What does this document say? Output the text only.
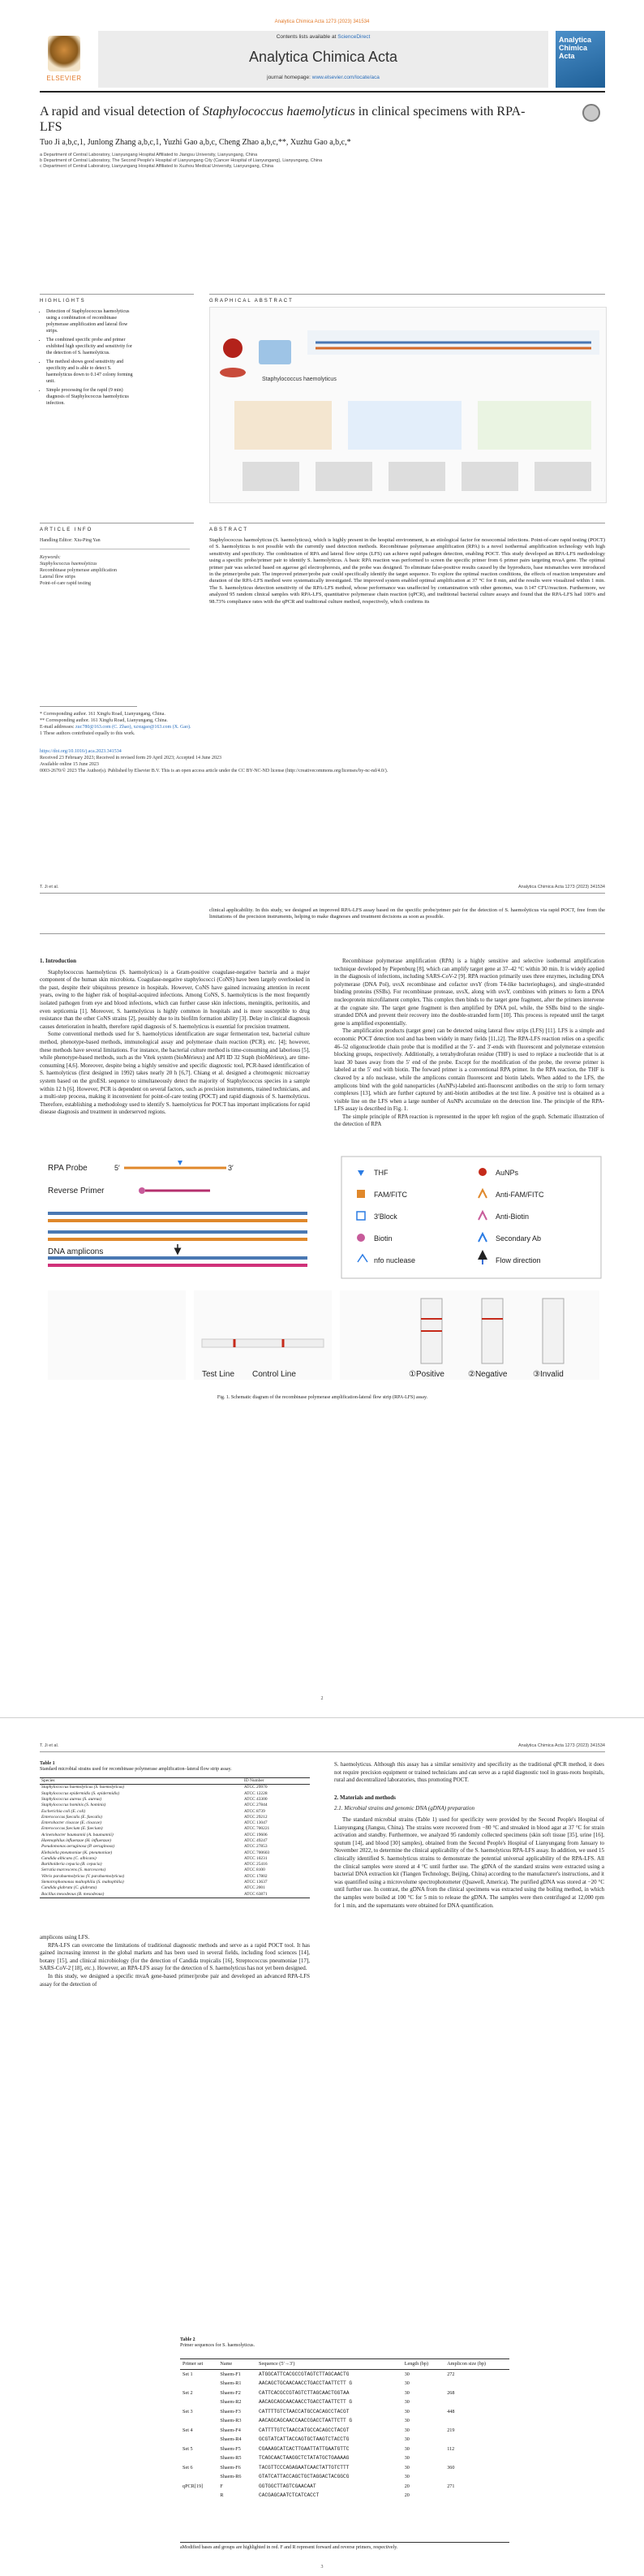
Analytica Chimica Acta 1273 (2023) 341534
ELSEVIER
Contents lists available at ScienceDirect
Analytica Chimica Acta
journal homepage: www.elsevier.com/locate/aca
Analytica Chimica Acta
A rapid and visual detection of Staphylococcus haemolyticus in clinical specimens with RPA-LFS
Tuo Ji a,b,c,1, Junlong Zhang a,b,c,1, Yuzhi Gao a,b,c, Cheng Zhao a,b,c,**, Xuzhu Gao a,b,c,*
a Department of Central Laboratory, Lianyungang Hospital Affiliated to Jiangsu University, Lianyungang, China
b Department of Central Laboratory, The Second People's Hospital of Lianyungang City (Cancer Hospital of Lianyungang), Lianyungang, China
c Department of Central Laboratory, Lianyungang Hospital Affiliated to Xuzhou Medical University, Lianyungang, China
HIGHLIGHTS
• Detection of Staphylococcus haemolyticus using a combination of recombinase polymerase amplification and lateral flow strips.
• The combined specific probe and primer exhibited high specificity and sensitivity for the detection of S. haemolyticus.
• The method shows good sensitivity and specificity and is able to detect S. haemolyticus down to 0.147 colony forming unit.
• Simple processing for the rapid (9 min) diagnosis of Staphylococcus haemolyticus infection.
GRAPHICAL ABSTRACT
Staphylococcus haemolyticus
ARTICLE INFO
Handling Editor: Xiu-Ping Yan
Keywords:
Staphylococcus haemolyticus
Recombinase polymerase amplification
Lateral flow strips
Point-of-care rapid testing
ABSTRACT
Staphylococcus haemolyticus (S. haemolyticus), which is highly present in the hospital environment, is an etiological factor for nosocomial infections. Point-of-care rapid testing (POCT) of S. haemolyticus is not possible with the currently used detection methods. Recombinase polymerase amplification (RPA) is a novel isothermal amplification technology with high sensitivity and specificity. The combination of RPA and lateral flow strips (LFS) can achieve rapid pathogen detection, enabling POCT. This study developed an RPA-LFS methodology using a specific probe/primer pair to identify S. haemolyticus. A basic RPA reaction was performed to screen the specific primer from 6 primer pairs targeting mvaA gene. The optimal primer pair was selected based on agarose gel electrophoresis, and the probe was designed. To eliminate false-positive results caused by the byproducts, base mismatches were introduced in the primer/probe pair. The improved primer/probe pair could specifically identify the target sequence. To explore the optimal reaction conditions, the effects of reaction temperature and duration of the RPA-LFS method were systematically investigated. The improved system enabled optimal amplification at 37 °C for 8 min, and the results were visualized within 1 min. The S. haemolyticus detection sensitivity of the RPA-LFS method, whose performance was unaffected by contamination with other genomes, was 0.147 CFU/reaction. Furthermore, we analyzed 95 random clinical samples with RPA-LFS, quantitative polymerase chain reaction (qPCR), and traditional bacterial culture assays and found that the RPA-LFS had 100% and 98.73% compliance rates with the qPCR and traditional culture method, respectively, which confirms its
* Corresponding author. 161 Xingfu Road, Lianyungang, China.
** Corresponding author. 161 Xingfu Road, Lianyungang, China.
E-mail addresses: zuc780@163.com (C. Zhao), xzxugao@163.com (X. Gao).
1 These authors contributed equally to this work.
https://doi.org/10.1016/j.aca.2023.341534
Received 23 February 2023; Received in revised form 29 April 2023; Accepted 14 June 2023
Available online 15 June 2023
0003-2670/© 2023 The Author(s). Published by Elsevier B.V. This is an open access article under the CC BY-NC-ND license (http://creativecommons.org/licenses/by-nc-nd/4.0/).
T. Ji et al.	Analytica Chimica Acta 1273 (2023) 341534
clinical applicability. In this study, we designed an improved RPA-LFS assay based on the specific probe/primer pair for the detection of S. haemolyticus via rapid POCT, free from the limitations of the precision instruments, helping to make diagnoses and treatment decisions as soon as possible.

1. Introduction

Staphylococcus haemolyticus (S. haemolyticus) is a Gram-positive coagulase-negative bacteria and a major component of the human skin microbiota. Coagulase-negative staphylococci (CoNS) have been largely overlooked in the past, despite their ubiquitous presence in hospitals. However, CoNS have gained increasing attention in recent years, owing to the higher risk of hospital-acquired infections. Among CoNS, S. haemolyticus is the most frequently isolated pathogen from eye and blood infections, which can further cause skin infections, meningitis, peritonitis, and even septicemia [1]. Moreover, S. haemolyticus is highly common in hospitals and is more susceptible to drug resistance than the other CoNS strains [2], possibly due to its biofilm formation ability [3]. Delay in clinical diagnosis causes deterioration in health, therefore rapid diagnosis of S. haemolyticus is essential for precision treatment.

Some conventional methods used for S. haemolyticus identification are sugar fermentation test, bacterial culture method, phenotype-based methods, immunological assay and polymerase chain reaction (PCR), etc. [4]; however, these methods have several limitations. For instance, the bacterial culture method is time-consuming and laborious [5], while phenotype-based methods, such as the Vitek system (bioMérieux) and API ID 32 Staph (bioMérieux), are time-consuming [4,6]. Moreover, despite being a highly sensitive and specific diagnostic tool, PCR-based identification of S. haemolyticus (first designed in 1992) takes nearly 20 h [6,7]. Chiang et al. designed a chromogenic microarray system based on the groESL sequence to simultaneously detect the majority of Staphylococcus species in a sample within 12 h [6]. However, PCR is dependent on several factors, such as precision instruments, trained technicians, and a multi-step process, making it inconvenient for point-of-care testing (POCT) and rapid diagnosis of S. haemolyticus. Therefore, establishing a methodology used to identify S. haemolyticus for POCT has important implications for rapid disease diagnosis and treatment in underserved regions.

Recombinase polymerase amplification (RPA) is a highly sensitive and selective isothermal amplification technique developed by Piepenburg [8], which can amplify target gene at 37–42 °C within 30 min. It is widely applied in the diagnosis of infections, including SARS-CoV-2 [9]. RPA reaction primarily uses three enzymes, including DNA polymerase (DNA Pol), uvsX recombinase and cofactor uvsY (from T4-like bacteriophages), and single-stranded binding proteins (SSBs). For recombinase protease, uvsX, along with uvsY, combines with primers to form a DNA nucleoprotein microfilament complex. This complex then binds to the target gene fragment, after the primers intervene at the cognate site. The target gene fragment is then amplified by DNA pol, while, the SSBs bind to the single-stranded DNA and prevent their recovery into the double-stranded form [10]. This process is repeated until the target gene is amplified exponentially.

The amplification products (target gene) can be detected using lateral flow strips (LFS) [11]. LFS is a simple and economic POCT detection tool and has been widely in many fields [11,12]. The RPA-LFS reaction relies on a specific 46–52 oligonucleotide chain probe that is modified at the 5′- and 3′-ends with fluorescent and polymerase extension blocking groups, respectively. Additionally, a tetrahydrofuran residue (THF) is used to replace a nucleotide that is at least 30 bases away from the 5′ end of the probe. Except for the modification of the probe, the reverse primer is labeled at the 5′ end with biotin. The forward primer is a conventional RPA primer. In the RPA reaction, the THF is cleaved by a nfo nuclease, while the amplicons contain fluorescent and biotin labels. When added to the LFS, the amplicons bind with the gold nanoparticles (AuNPs)-labeled anti-fluorescent antibodies on the strip to form ternary complexes [13], which are further captured by anti-biotin antibodies at the test line. A positive test is obtained as a visible line on the LFS when a large number of AuNPs accumulate on the detection line. The principle of the RPA-LFS assay is described in Fig. 1.

The simple principle of RPA reaction is represented in the upper left region of the graph. Schematic illustration of the detection of RPA

RPA Probe	5′	3′
Reverse Primer
DNA amplicons
THF	AuNPs
FAM/FITC	Anti-FAM/FITC
3′Block	Anti-Biotin
Biotin	Secondary Ab
nfo nuclease	Flow direction
Test Line Control Line	①Positive	②Negative	③Invalid
Fig. 1. Schematic diagram of the recombinase polymerase amplification-lateral flow strip (RPA-LFS) assay.
2
T. Ji et al.	Analytica Chimica Acta 1273 (2023) 341534
Table 1
Standard microbial strains used for recombinase polymerase amplification–lateral flow strip assay.
Species	ID Number
Staphylococcus haemolyticus (S. haemolyticus)	ATCC 29970
Staphylococcus epidermidis (S. epidermidis)	ATCC 12228
Staphylococcus aureus (S. aureus)	ATCC 43300
Staphylococcus hominis (S. hominis)	ATCC 27844
Escherichia coli (E. coli)	ATCC 8739
Enterococcus faecalis (E. faecalis)	ATCC 29212
Enterobacter cloacae (E. cloacae)	ATCC 13047
Enterococcus faecium (E. faecium)	ATCC 700221
Acinetobacter baumannii (A. baumannii)	ATCC 19606
Haemophilus influenzae (H. influenzae)	ATCC 49247
Pseudomonas aeruginosa (P. aeruginosa)	ATCC 27853
Klebsiella pneumoniae (K. pneumoniae)	ATCC 700603
Candida albicans (C. albicans)	ATCC 10231
Burkholderia cepacia (B. cepacia)	ATCC 25416
Serratia marcescens (S. marcescens)	ATCC 8100
Vibrio parahaemolyticus (V. parahaemolyticus)	ATCC 17802
Stenotrophomonas maltophilia (S. maltophilia)	ATCC 13637
Candida glabrata (C. glabrata)	ATCC 2001
Bacillus mesodeous (B. mesodeous)	ATCC 63871

amplicons using LFS.

RPA-LFS can overcome the limitations of traditional diagnostic methods and serve as a rapid POCT tool. It has gained increasing interest in the global markets and has been used in several fields, including food sciences [14], botany [15], and clinical microbiology (for the detection of Candida tropicalis [16], Streptococcus pneumoniae [17], SARS-CoV-2 [18], etc.). However, an RPA-LFS assay for the detection of S. haemolyticus has not yet been designed.

In this study, we designed a specific mvaA gene-based primer/probe pair and developed an advanced RPA-LFS assay for the detection of

S. haemolyticus. Although this assay has a similar sensitivity and specificity as the traditional qPCR method, it does not require precision equipment or trained technicians and can serve as a rapid diagnostic tool in grass-roots hospitals, rural and decentralized laboratories, thus promoting POCT.

2. Materials and methods

2.1. Microbial strains and genomic DNA (gDNA) preparation

The standard microbial strains (Table 1) used for specificity were provided by the Second People's Hospital of Lianyungang (Jiangsu, China). The strains were recovered from −80 °C and streaked in blood agar at 37 °C for strain activation and standby. Furthermore, we analyzed 95 randomly collected specimens (skin soft tissue [35], urine [16], sputum [14], and blood [30] samples), obtained from the Second People's Hospital of Lianyungang from January to November 2022, to determine the clinical applicability of the S. haemolyticus RPA-LFS assay. In addition, we used 15 clinically identified S. haemolyticus strains to demonstrate the potential universal applicability of the RPA-LFS. All the clinical samples were stored at 4 °C until further use. The gDNA of the standard strains were extracted using a bacterial DNA extraction kit (Tiangen Technology, Beijing, China) according to the manufacturer's instructions, and it was quantified using a microvolume spectrophotometer (Quawell, America). The purified gDNA was stored at −20 °C until further use. In contrast, the gDNA from the clinical specimens was extracted using the boiling method, in which the samples were boiled at 100 °C for 5 min to release the gDNA. The samples were then centrifuged at 12,000 rpm for 1 min, and the supernatants were obtained for DNA quantification.

Table 2
Primer sequences for S. haemolyticus.
Primer set	Name	Sequence (5′→3′)	Length (bp)	Amplicon size (bp)
Set 1	Shaem-F1	ATGGCATTCACGCCGTAGTCTTAGCAACTG	30	272
	Shaem-R1	AACAGCTGCAACAACCTGACCTAATTCTT G	30	
Set 2	Shaem-F2	CATTCACGCCGTAGTCTTAGCAACTGGTAA	30	268
	Shaem-R2	AACAGCAGCAACAACCTGACCTAATTCTT G	30	
Set 3	Shaem-F3	CATTTTGTCTAACCATGCCACAGCCTACGT	30	448
	Shaem-R3	AACAGCAGCAACCAACCGACCTAATTCTT G	30	
Set 4	Shaem-F4	CATTTTGTCTAACCATGCCACAGCCTACGT	30	219
	Shaem-R4	GCGTATCATTACCAGTGCTAAGTCTACCTG	30	
Set 5	Shaem-F5	CGAAAGCATCACTTGAATTATTGAATGTTC	30	112
	Shaem-R5	TCAGCAACTAAGGCTCTATATGCTGAAAAG	30	
Set 6	Shaem-F6	TACGTTCCCAGAGAATCAACTATTGTCTTT	30	360
	Shaem-R6	GTATCATTACCAGCTGCTAGGACTACGGCG	30	
qPCR[19]	F	GGTGGCTTAGTCGAACAAT	20	271
	R	CACGAGCAATCTCATCACCT	20	
aModified bases and groups are highlighted in red. F and R represent forward and reverse primers, respectively.
3
